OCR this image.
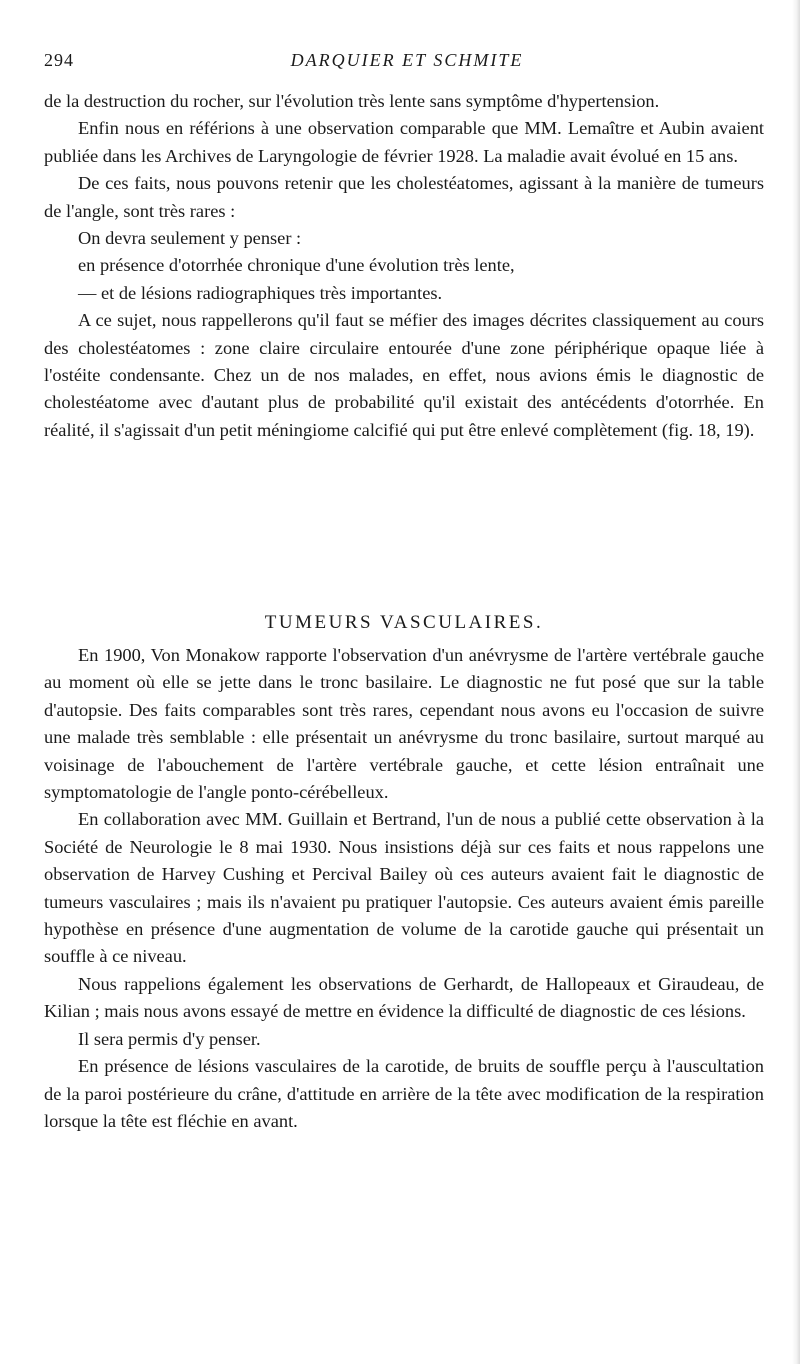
294	DARQUIER ET SCHMITE

de la destruction du rocher, sur l'évolution très lente sans symptôme d'hypertension.

Enfin nous en référions à une observation comparable que MM. Lemaître et Aubin avaient publiée dans les Archives de Laryngologie de février 1928. La maladie avait évolué en 15 ans.

De ces faits, nous pouvons retenir que les cholestéatomes, agissant à la manière de tumeurs de l'angle, sont très rares :

On devra seulement y penser :

en présence d'otorrhée chronique d'une évolution très lente,

— et de lésions radiographiques très importantes.

A ce sujet, nous rappellerons qu'il faut se méfier des images décrites classiquement au cours des cholestéatomes : zone claire circulaire entourée d'une zone périphérique opaque liée à l'ostéite condensante. Chez un de nos malades, en effet, nous avions émis le diagnostic de cholestéatome avec d'autant plus de probabilité qu'il existait des antécédents d'otorrhée. En réalité, il s'agissait d'un petit méningiome calcifié qui put être enlevé complètement (fig. 18, 19).

TUMEURS VASCULAIRES.

En 1900, Von Monakow rapporte l'observation d'un anévrysme de l'artère vertébrale gauche au moment où elle se jette dans le tronc basilaire. Le diagnostic ne fut posé que sur la table d'autopsie. Des faits comparables sont très rares, cependant nous avons eu l'occasion de suivre une malade très semblable : elle présentait un anévrysme du tronc basilaire, surtout marqué au voisinage de l'abouchement de l'artère vertébrale gauche, et cette lésion entraînait une symptomatologie de l'angle ponto-cérébelleux.

En collaboration avec MM. Guillain et Bertrand, l'un de nous a publié cette observation à la Société de Neurologie le 8 mai 1930. Nous insistions déjà sur ces faits et nous rappelons une observation de Harvey Cushing et Percival Bailey où ces auteurs avaient fait le diagnostic de tumeurs vasculaires ; mais ils n'avaient pu pratiquer l'autopsie. Ces auteurs avaient émis pareille hypothèse en présence d'une augmentation de volume de la carotide gauche qui présentait un souffle à ce niveau.

Nous rappelions également les observations de Gerhardt, de Hallopeaux et Giraudeau, de Kilian ; mais nous avons essayé de mettre en évidence la difficulté de diagnostic de ces lésions.

Il sera permis d'y penser.

En présence de lésions vasculaires de la carotide, de bruits de souffle perçu à l'auscultation de la paroi postérieure du crâne, d'attitude en arrière de la tête avec modification de la respiration lorsque la tête est fléchie en avant.
